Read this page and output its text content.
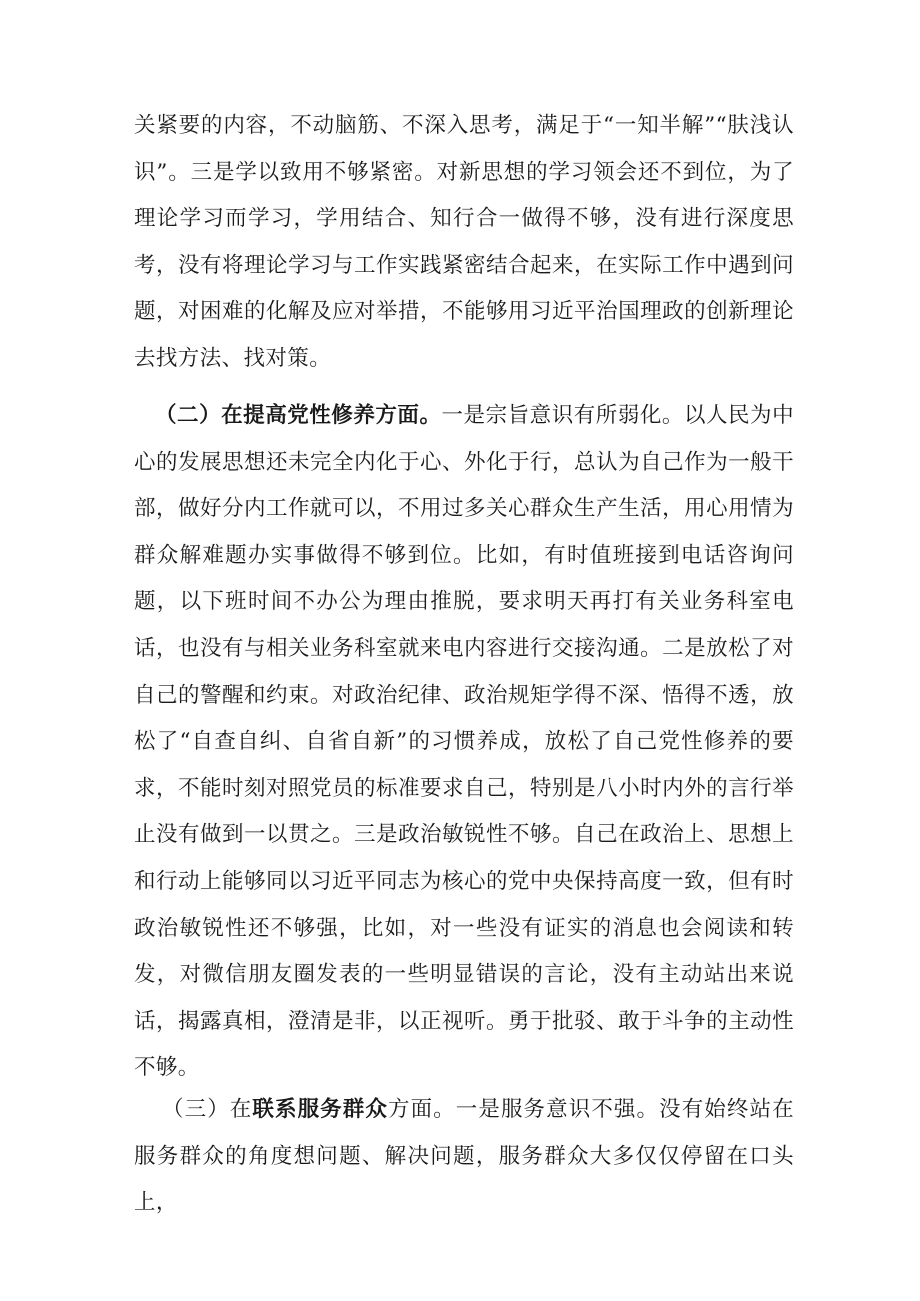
关紧要的内容，不动脑筋、不深入思考，满足于“一知半解”“肤浅认识”。三是学以致用不够紧密。对新思想的学习领会还不到位，为了理论学习而学习，学用结合、知行合一做得不够，没有进行深度思考，没有将理论学习与工作实践紧密结合起来，在实际工作中遇到问题，对困难的化解及应对举措，不能够用习近平治国理政的创新理论去找方法、找对策。

（二）在提高党性修养方面。一是宗旨意识有所弱化。以人民为中心的发展思想还未完全内化于心、外化于行，总认为自己作为一般干部，做好分内工作就可以，不用过多关心群众生产生活，用心用情为群众解难题办实事做得不够到位。比如，有时值班接到电话咨询问题，以下班时间不办公为理由推脱，要求明天再打有关业务科室电话，也没有与相关业务科室就来电内容进行交接沟通。二是放松了对自己的警醒和约束。对政治纪律、政治规矩学得不深、悟得不透，放松了“自查自纠、自省自新”的习惯养成，放松了自己党性修养的要求，不能时刻对照党员的标准要求自己，特别是八小时内外的言行举止没有做到一以贯之。三是政治敏锐性不够。自己在政治上、思想上和行动上能够同以习近平同志为核心的党中央保持高度一致，但有时政治敏锐性还不够强，比如，对一些没有证实的消息也会阅读和转发，对微信朋友圈发表的一些明显错误的言论，没有主动站出来说话，揭露真相，澄清是非，以正视听。勇于批驳、敢于斗争的主动性不够。

（三）在联系服务群众方面。一是服务意识不强。没有始终站在服务群众的角度想问题、解决问题，服务群众大多仅仅停留在口头上，
